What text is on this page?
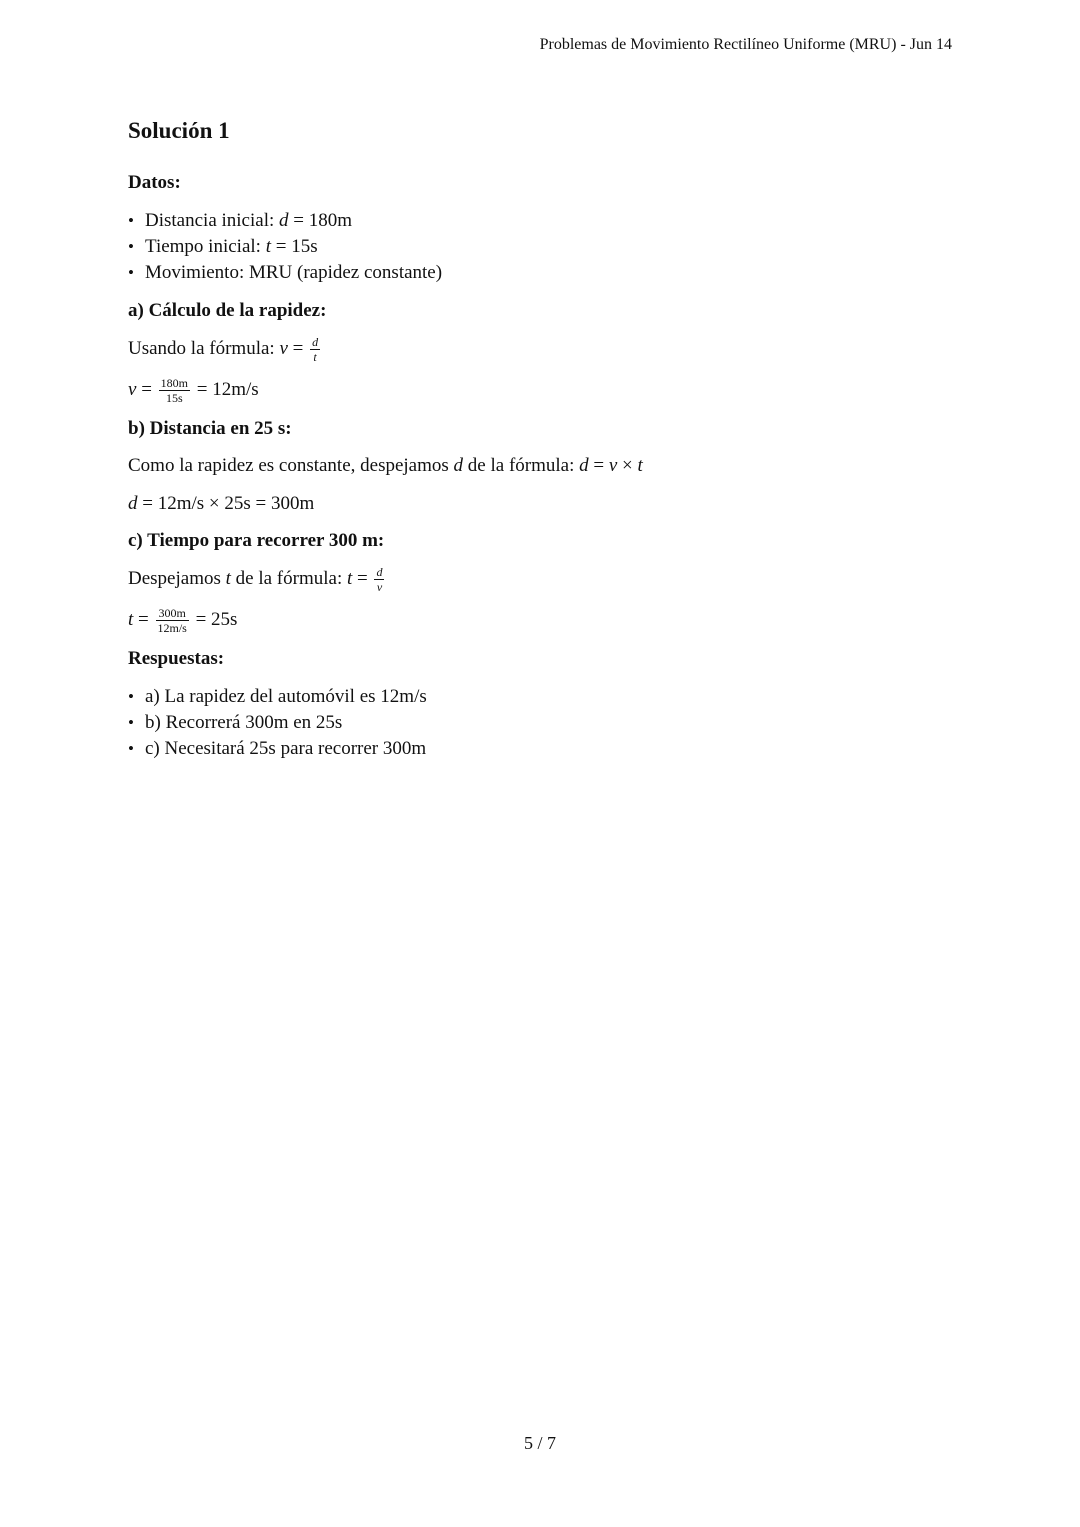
Problemas de Movimiento Rectilíneo Uniforme (MRU) - Jun 14
Solución 1
Datos:
• Distancia inicial: d = 180m
• Tiempo inicial: t = 15s
• Movimiento: MRU (rapidez constante)
a) Cálculo de la rapidez:
Usando la fórmula: $v = \frac{d}{t}$
$v = \frac{180m}{15s} = 12m/s$
b) Distancia en 25 s:
Como la rapidez es constante, despejamos d de la fórmula: d = v × t
d = 12m/s × 25s = 300m
c) Tiempo para recorrer 300 m:
Despejamos t de la fórmula: $t = \frac{d}{v}$
$t = \frac{300m}{12m/s} = 25s$
Respuestas:
• a) La rapidez del automóvil es 12m/s
• b) Recorrerá 300m en 25s
• c) Necesitará 25s para recorrer 300m
5 / 7
